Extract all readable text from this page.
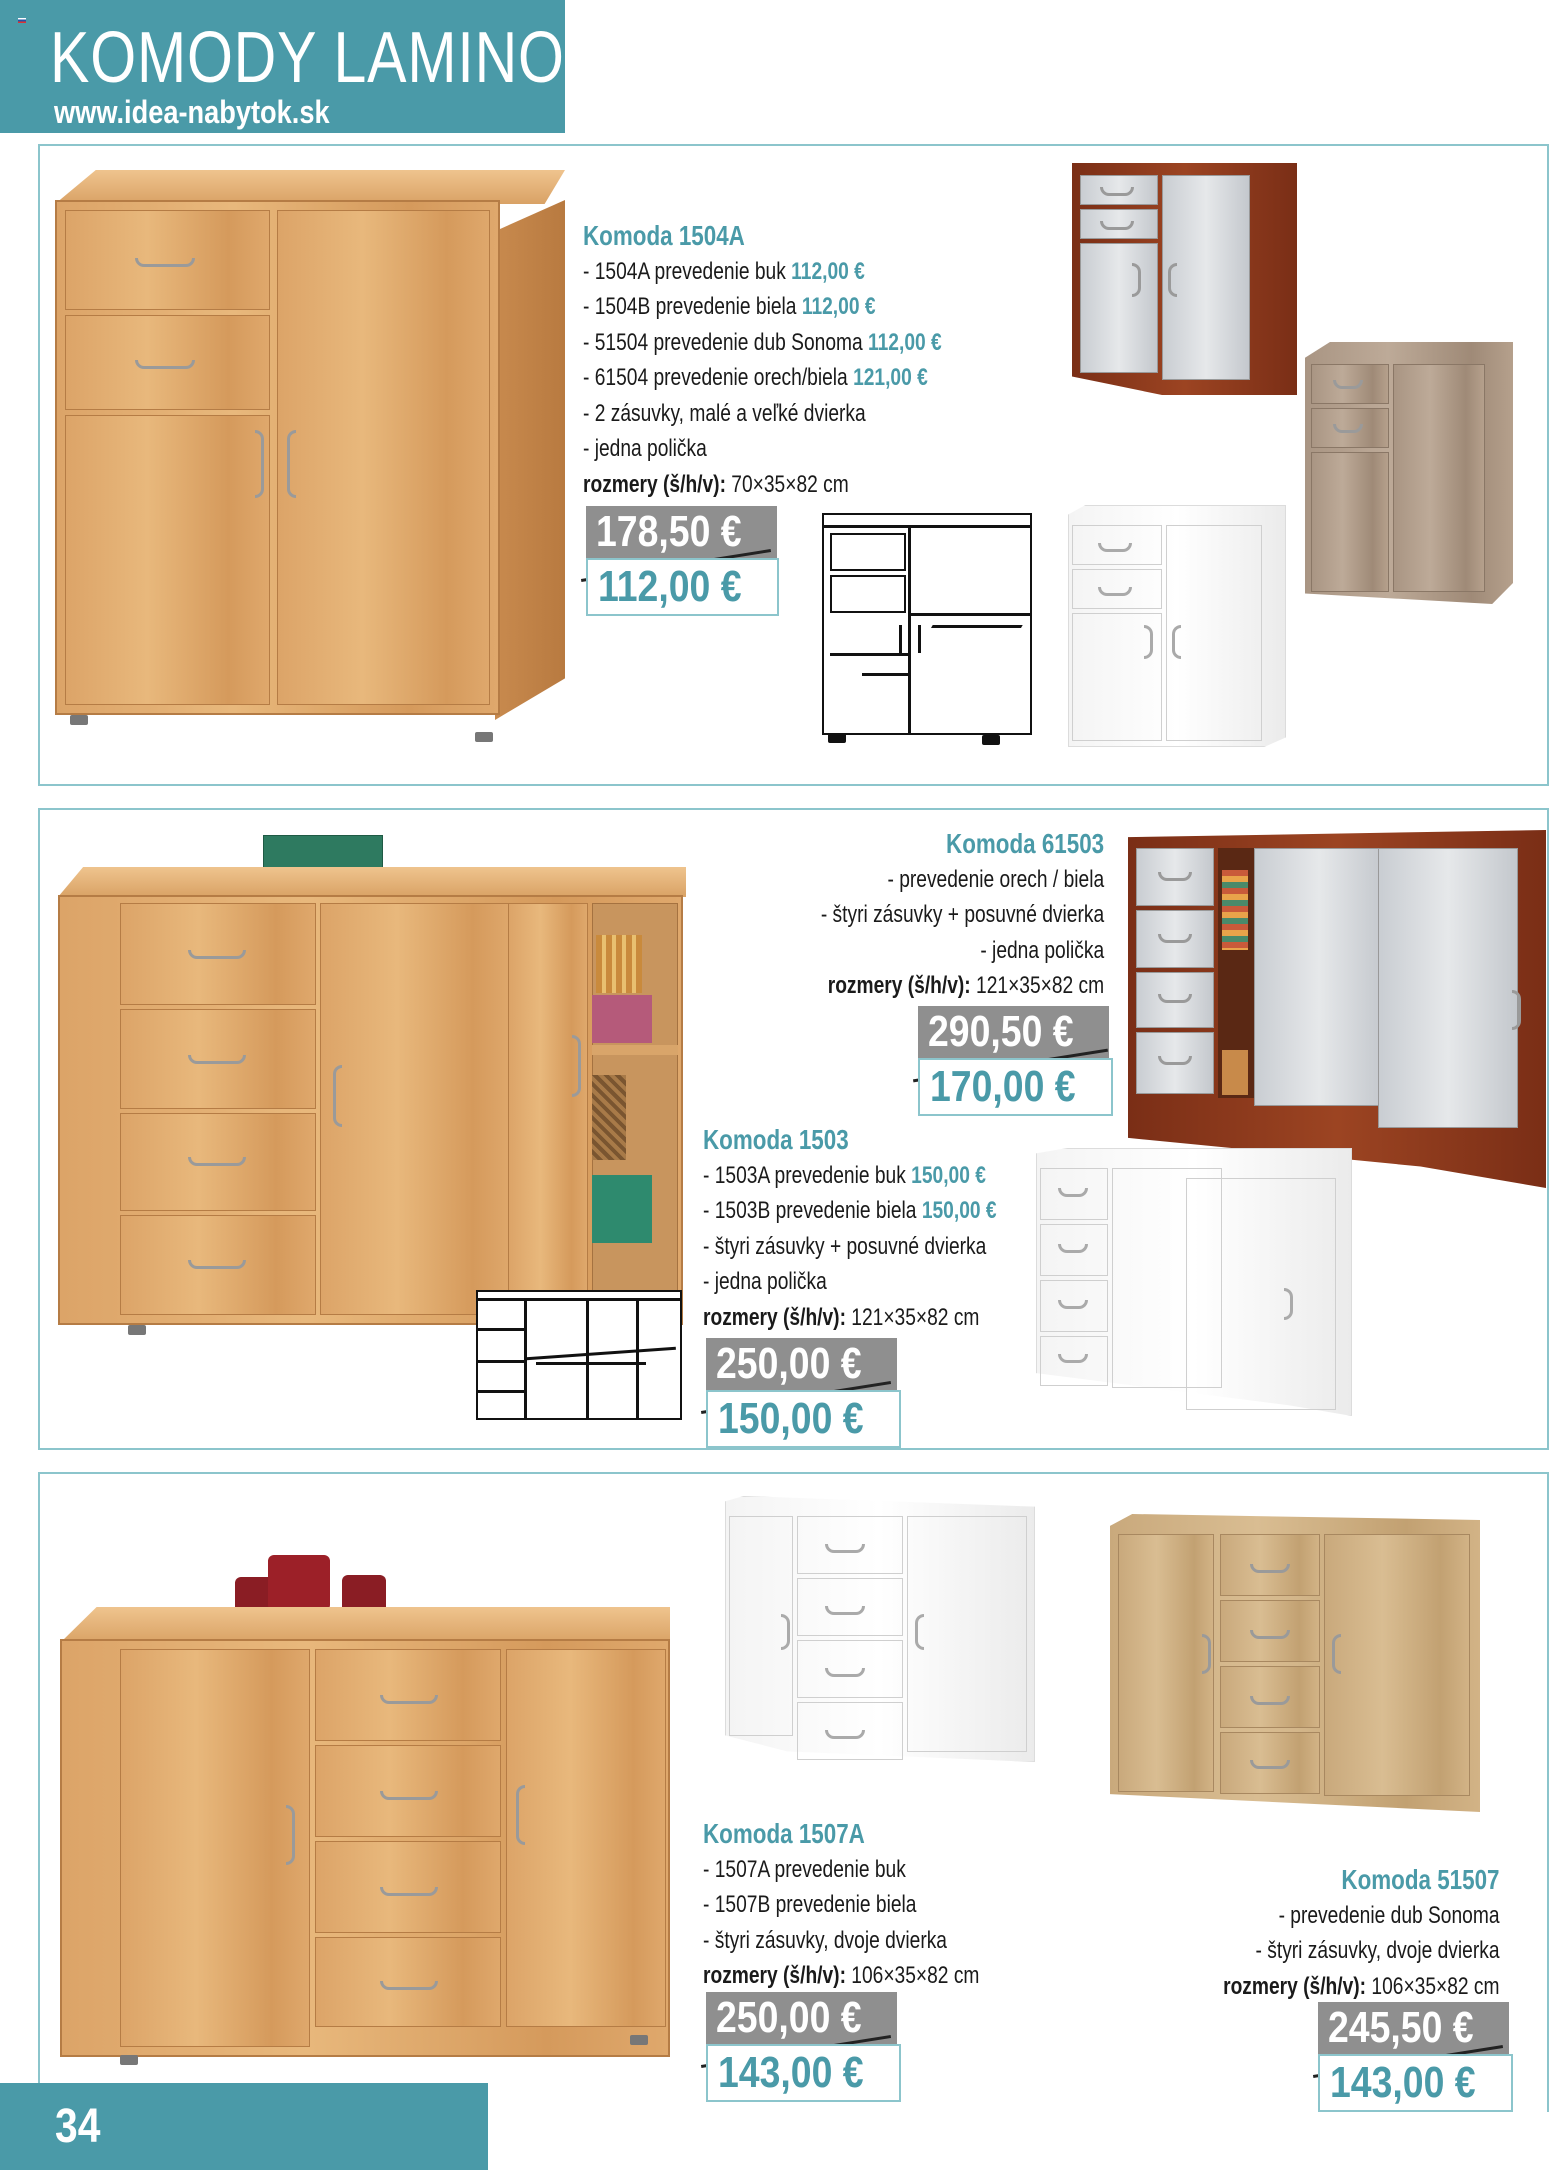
KOMODY LAMINO
www.idea-nabytok.sk
Komoda 1504A
- 1504A prevedenie buk 112,00 €
- 1504B prevedenie biela 112,00 €
- 51504 prevedenie dub Sonoma 112,00 €
- 61504 prevedenie orech/biela 121,00 €
- 2 zásuvky, malé a veľké dvierka
- jedna polička
rozmery (š/h/v): 70×35×82 cm
178,50 €
112,00 €
Komoda 61503
- prevedenie orech / biela
- štyri zásuvky + posuvné dvierka
- jedna polička
rozmery (š/h/v): 121×35×82 cm
290,50 €
170,00 €
Komoda 1503
- 1503A prevedenie buk 150,00 €
- 1503B prevedenie biela 150,00 €
- štyri zásuvky + posuvné dvierka
- jedna polička
rozmery (š/h/v): 121×35×82 cm
250,00 €
150,00 €
Komoda 1507A
- 1507A prevedenie buk
- 1507B prevedenie biela
- štyri zásuvky, dvoje dvierka
rozmery (š/h/v): 106×35×82 cm
250,00 €
143,00 €
Komoda 51507
- prevedenie dub Sonoma
- štyri zásuvky, dvoje dvierka
rozmery (š/h/v): 106×35×82 cm
245,50 €
143,00 €
34
